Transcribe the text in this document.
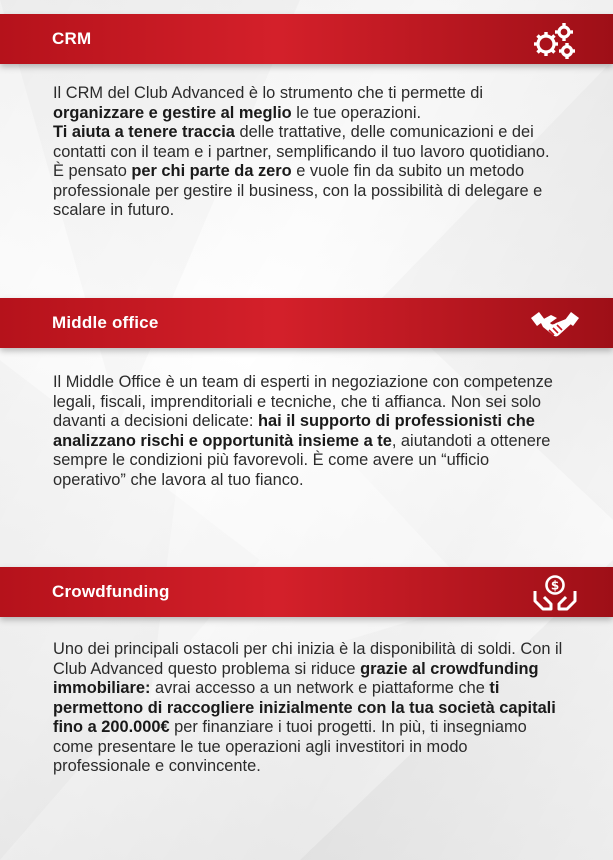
CRM
Il CRM del Club Advanced è lo strumento che ti permette di organizzare e gestire al meglio le tue operazioni.
Ti aiuta a tenere traccia delle trattative, delle comunicazioni e dei contatti con il team e i partner, semplificando il tuo lavoro quotidiano.
È pensato per chi parte da zero e vuole fin da subito un metodo professionale per gestire il business, con la possibilità di delegare e scalare in futuro.
Middle office
Il Middle Office è un team di esperti in negoziazione con competenze legali, fiscali, imprenditoriali e tecniche, che ti affianca. Non sei solo davanti a decisioni delicate: hai il supporto di professionisti che analizzano rischi e opportunità insieme a te, aiutandoti a ottenere sempre le condizioni più favorevoli. È come avere un “ufficio operativo” che lavora al tuo fianco.
Crowdfunding	$
Uno dei principali ostacoli per chi inizia è la disponibilità di soldi. Con il Club Advanced questo problema si riduce grazie al crowdfunding immobiliare: avrai accesso a un network e piattaforme che ti permettono di raccogliere inizialmente con la tua società capitali fino a 200.000€ per finanziare i tuoi progetti. In più, ti insegniamo come presentare le tue operazioni agli investitori in modo professionale e convincente.
